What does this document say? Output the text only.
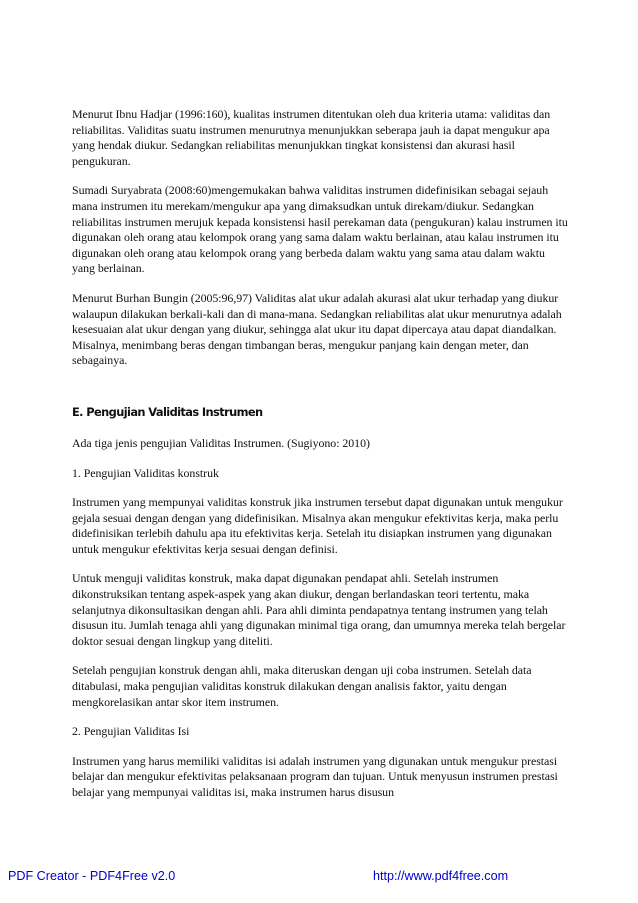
Menurut Ibnu Hadjar (1996:160), kualitas instrumen ditentukan oleh dua kriteria utama: validitas dan reliabilitas. Validitas suatu instrumen menurutnya menunjukkan seberapa jauh ia dapat mengukur apa yang hendak diukur. Sedangkan reliabilitas menunjukkan tingkat konsistensi dan akurasi hasil pengukuran.

Sumadi Suryabrata (2008:60)mengemukakan bahwa validitas instrumen didefinisikan sebagai sejauh mana instrumen itu merekam/mengukur apa yang dimaksudkan untuk direkam/diukur. Sedangkan reliabilitas instrumen merujuk kepada konsistensi hasil perekaman data (pengukuran) kalau instrumen itu digunakan oleh orang atau kelompok orang yang sama dalam waktu berlainan, atau kalau instrumen itu digunakan oleh orang atau kelompok orang yang berbeda dalam waktu yang sama atau dalam waktu yang berlainan.

Menurut Burhan Bungin (2005:96,97) Validitas alat ukur adalah akurasi alat ukur terhadap yang diukur walaupun dilakukan berkali-kali dan di mana-mana. Sedangkan reliabilitas alat ukur menurutnya adalah kesesuaian alat ukur dengan yang diukur, sehingga alat ukur itu dapat dipercaya atau dapat diandalkan. Misalnya, menimbang beras dengan timbangan beras, mengukur panjang kain dengan meter, dan sebagainya.

E. Pengujian Validitas Instrumen

Ada tiga jenis pengujian Validitas Instrumen. (Sugiyono: 2010)

1. Pengujian Validitas konstruk

Instrumen yang mempunyai validitas konstruk jika instrumen tersebut dapat digunakan untuk mengukur gejala sesuai dengan dengan yang didefinisikan. Misalnya akan mengukur efektivitas kerja, maka perlu didefinisikan terlebih dahulu apa itu efektivitas kerja. Setelah itu disiapkan instrumen yang digunakan untuk mengukur efektivitas kerja sesuai dengan definisi.

Untuk menguji validitas konstruk, maka dapat digunakan pendapat ahli. Setelah instrumen dikonstruksikan tentang aspek-aspek yang akan diukur, dengan berlandaskan teori tertentu, maka selanjutnya dikonsultasikan dengan ahli. Para ahli diminta pendapatnya tentang instrumen yang telah disusun itu. Jumlah tenaga ahli yang digunakan minimal tiga orang, dan umumnya mereka telah bergelar doktor sesuai dengan lingkup yang diteliti.

Setelah pengujian konstruk dengan ahli, maka diteruskan dengan uji coba instrumen. Setelah data ditabulasi, maka pengujian validitas konstruk dilakukan dengan analisis faktor, yaitu dengan mengkorelasikan antar skor item instrumen.

2. Pengujian Validitas Isi

Instrumen yang harus memiliki validitas isi adalah instrumen yang digunakan untuk mengukur prestasi belajar dan mengukur efektivitas pelaksanaan program dan tujuan. Untuk menyusun instrumen prestasi belajar yang mempunyai validitas isi, maka instrumen harus disusun

PDF Creator - PDF4Free v2.0	http://www.pdf4free.com
